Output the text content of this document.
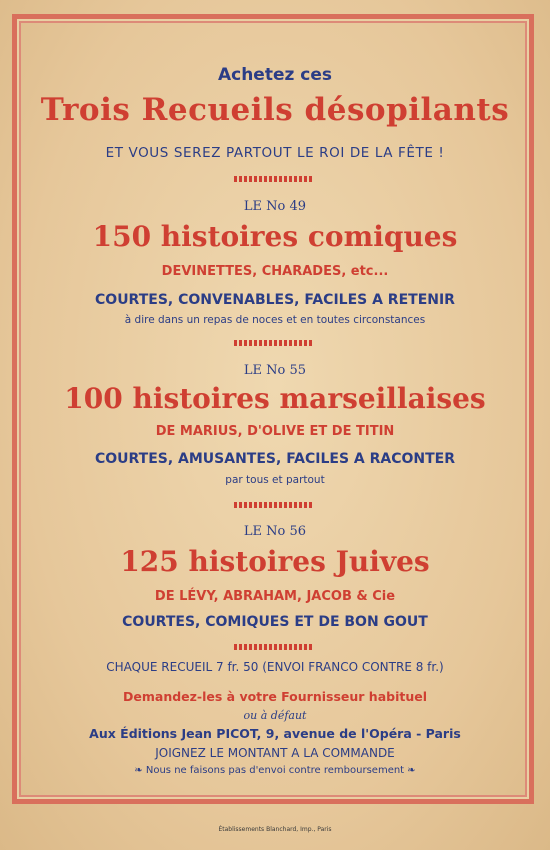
Achetez ces
Trois Recueils désopilants
ET VOUS SEREZ PARTOUT LE ROI DE LA FÊTE !
LE No 49
150 histoires comiques
DEVINETTES, CHARADES, etc...
COURTES, CONVENABLES, FACILES A RETENIR
à dire dans un repas de noces et en toutes circonstances
LE No 55
100 histoires marseillaises
DE MARIUS, D'OLIVE ET DE TITIN
COURTES, AMUSANTES, FACILES A RACONTER
par tous et partout
LE No 56
125 histoires Juives
DE LÉVY, ABRAHAM, JACOB & Cie
COURTES, COMIQUES ET DE BON GOUT
CHAQUE RECUEIL 7 fr. 50 (ENVOI FRANCO CONTRE 8 fr.)
Demandez-les à votre Fournisseur habituel
ou à défaut
Aux Éditions Jean PICOT, 9, avenue de l'Opéra - Paris
JOIGNEZ LE MONTANT A LA COMMANDE
❧ Nous ne faisons pas d'envoi contre remboursement ❧
Établissements Blanchard, Imp., Paris
